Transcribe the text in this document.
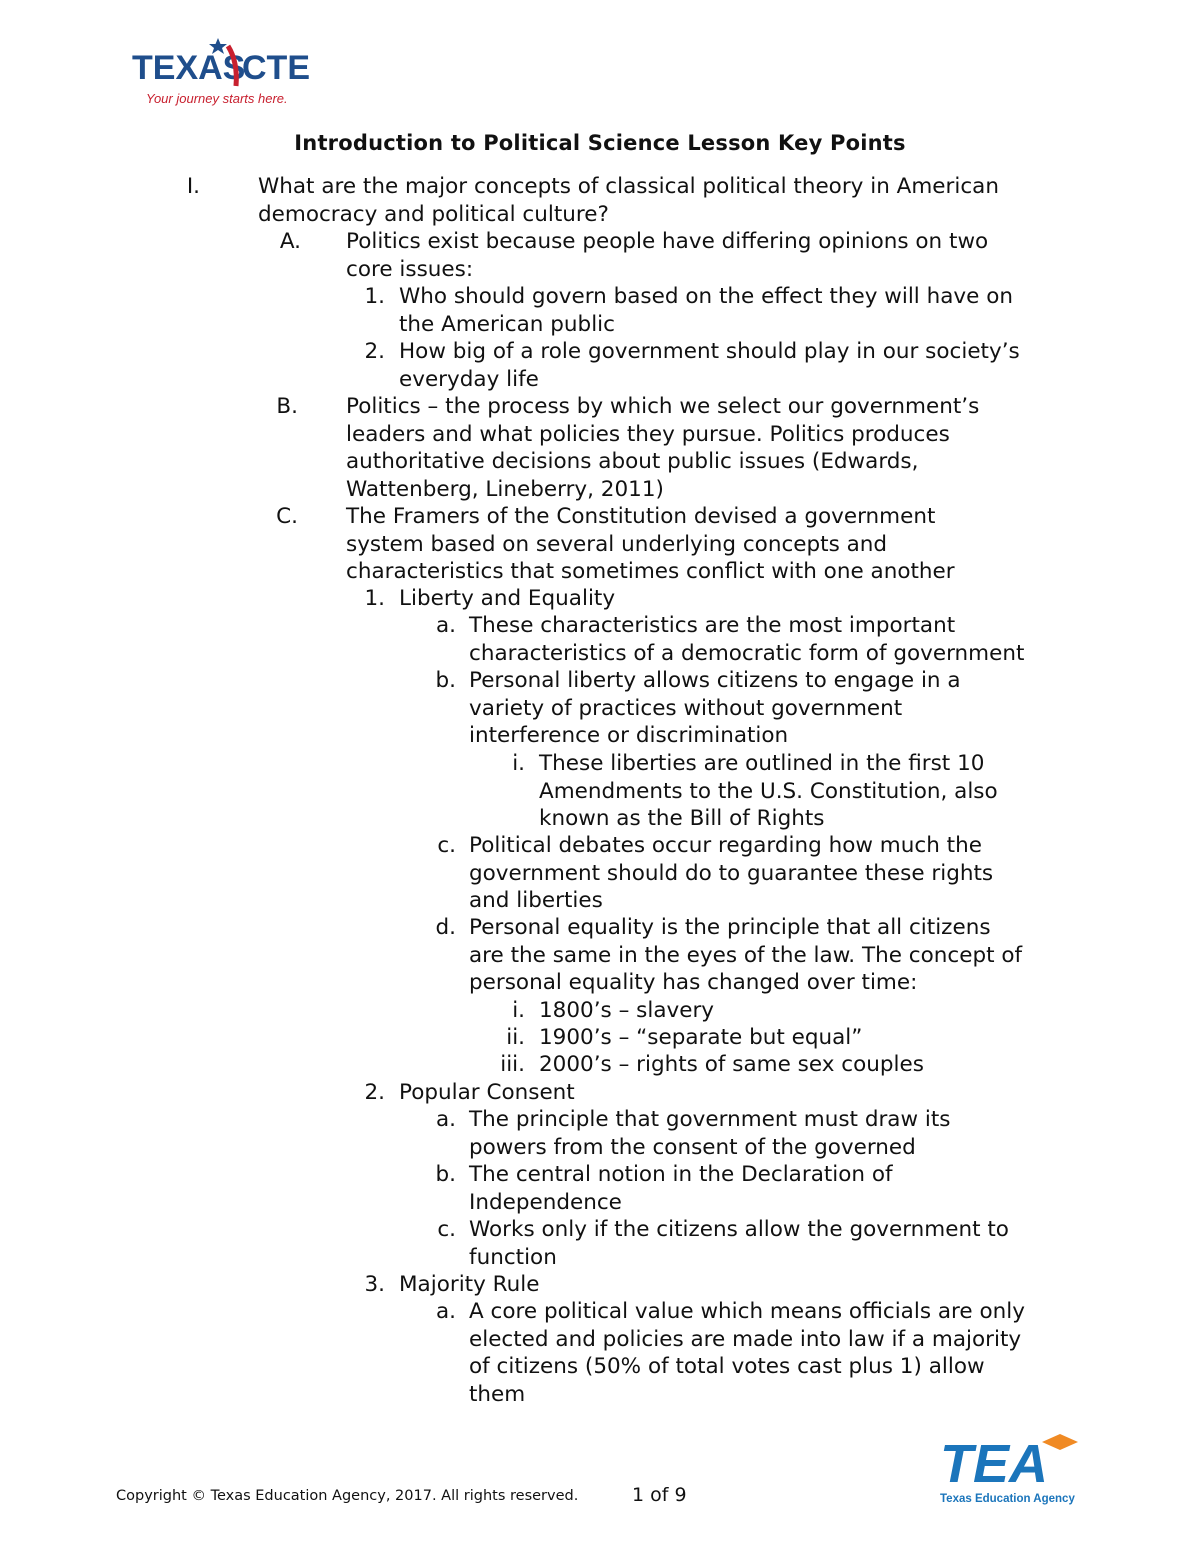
TEXAS
CTE
Your journey starts here.
Introduction to Political Science Lesson Key Points
I.	What are the major concepts of classical political theory in American
democracy and political culture?
A. Politics exist because people have differing opinions on two
core issues:
1. Who should govern based on the effect they will have on
the American public
2. How big of a role government should play in our society’s
everyday life
B. Politics – the process by which we select our government’s
leaders and what policies they pursue. Politics produces
authoritative decisions about public issues (Edwards,
Wattenberg, Lineberry, 2011)
C. The Framers of the Constitution devised a government
system based on several underlying concepts and
characteristics that sometimes conflict with one another
1. Liberty and Equality
a. These characteristics are the most important
characteristics of a democratic form of government
b. Personal liberty allows citizens to engage in a
variety of practices without government
interference or discrimination
i. These liberties are outlined in the first 10
Amendments to the U.S. Constitution, also
known as the Bill of Rights
c. Political debates occur regarding how much the
government should do to guarantee these rights
and liberties
d. Personal equality is the principle that all citizens
are the same in the eyes of the law. The concept of
personal equality has changed over time:
i. 1800’s – slavery
ii. 1900’s – “separate but equal”
iii. 2000’s – rights of same sex couples
2. Popular Consent
a. The principle that government must draw its
powers from the consent of the governed
b. The central notion in the Declaration of
Independence
c. Works only if the citizens allow the government to
function
3. Majority Rule
a. A core political value which means officials are only
elected and policies are made into law if a majority
of citizens (50% of total votes cast plus 1) allow
them
TEA
Texas Education Agency
Copyright © Texas Education Agency, 2017. All rights reserved.	1 of 9
